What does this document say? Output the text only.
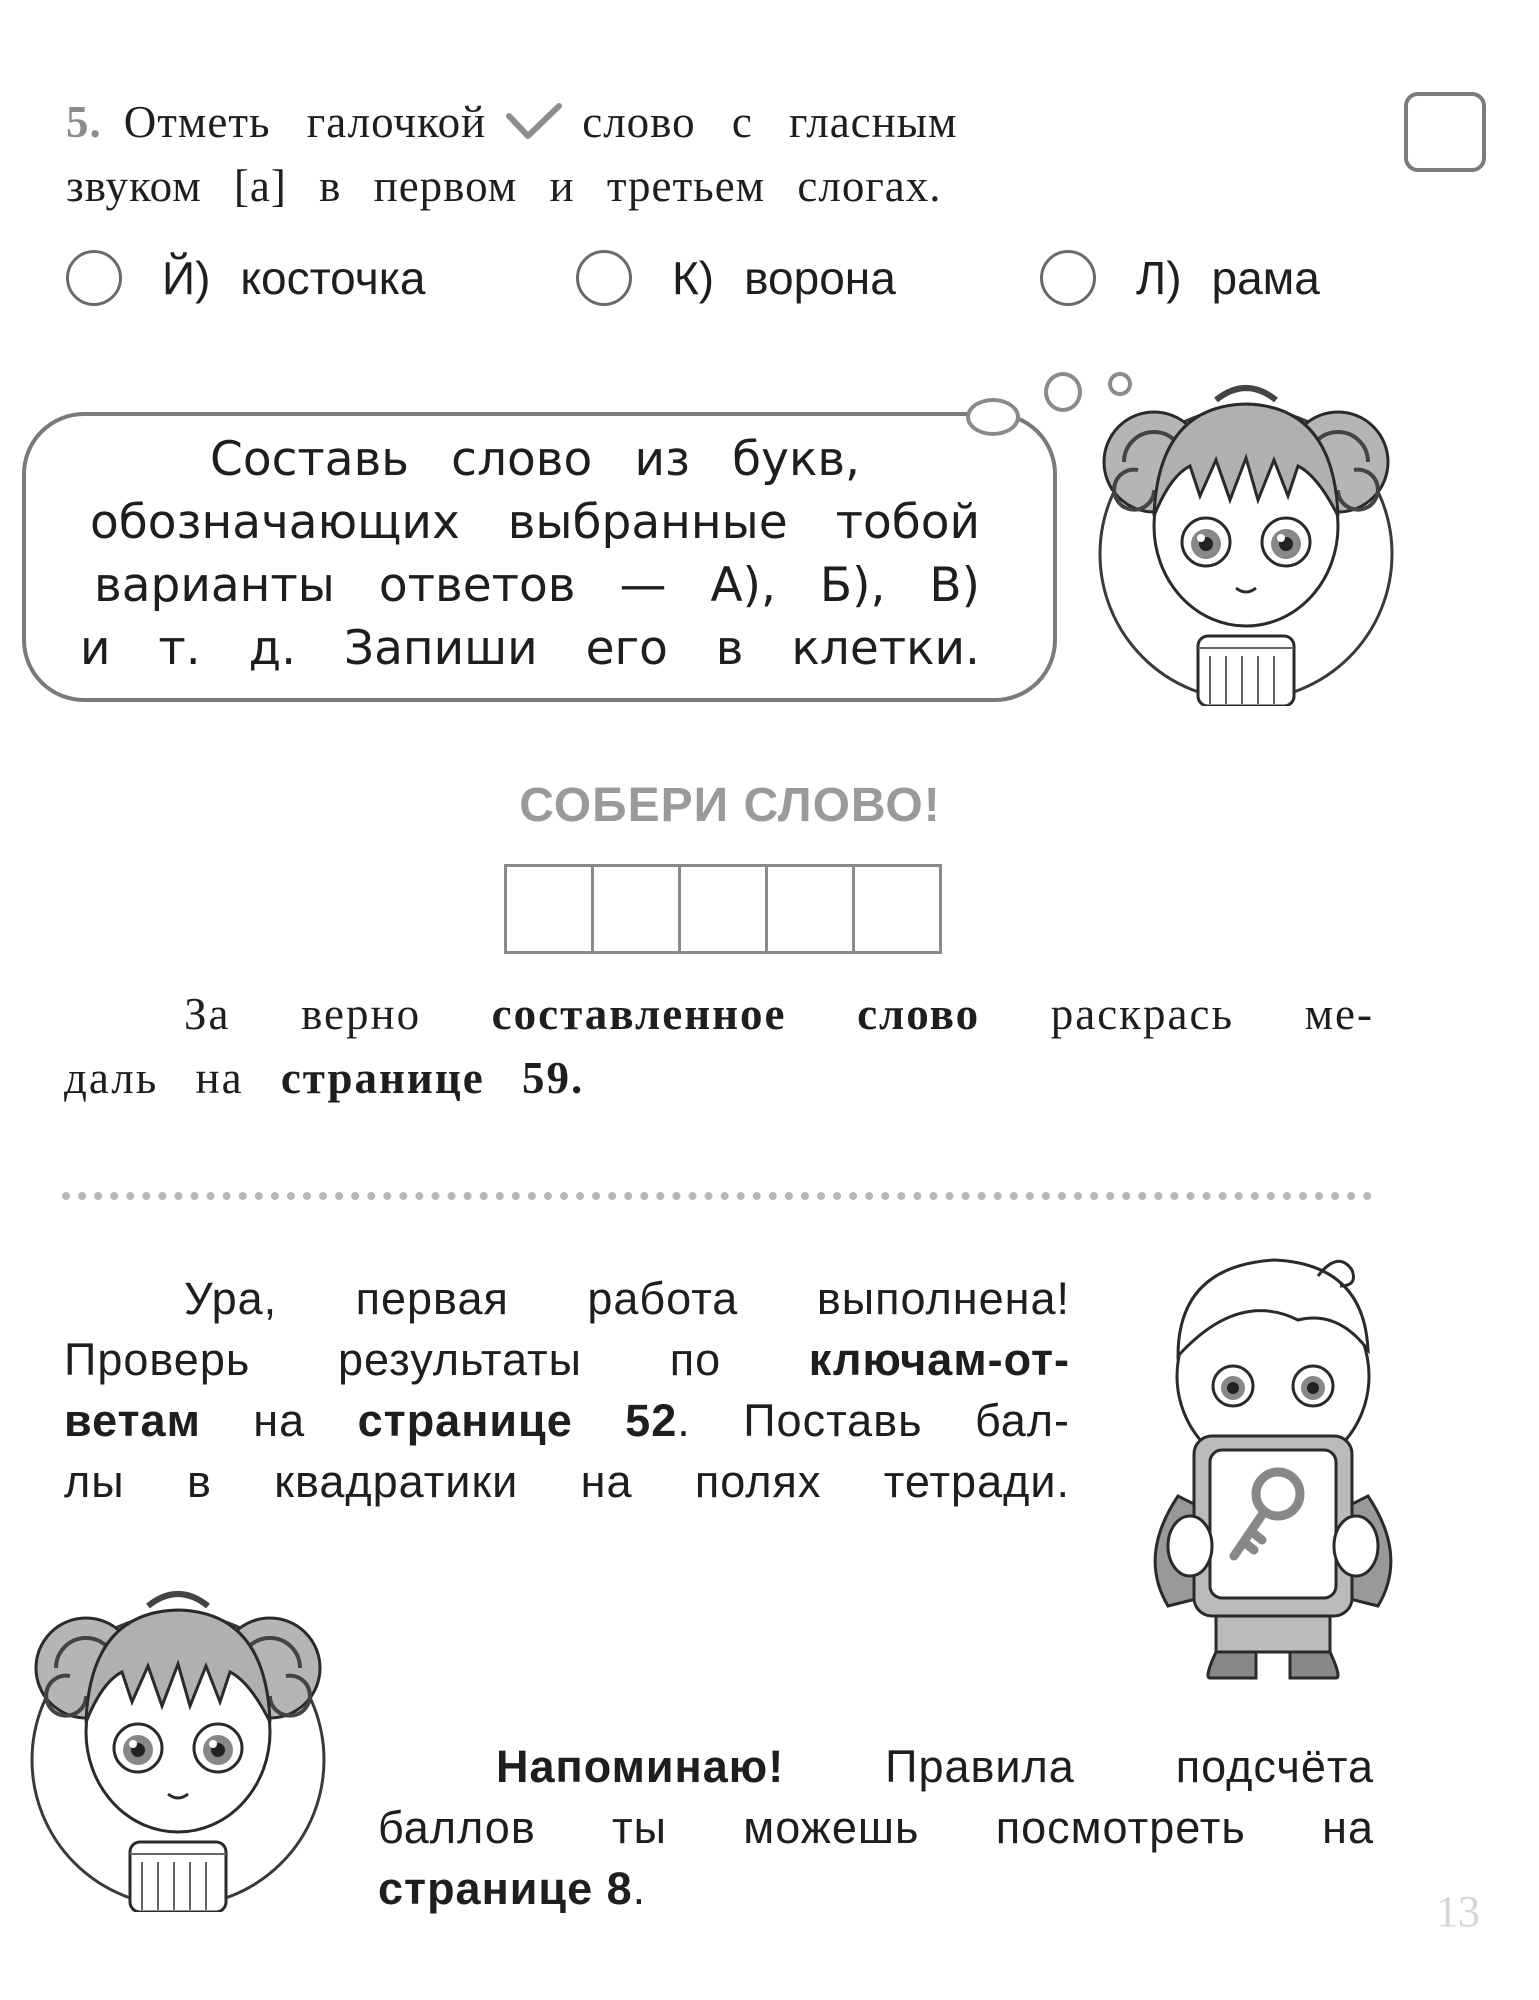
5. Отметь галочкой слово с гласным
звуком [а] в первом и третьем слогах.
Й) косточка	К) ворона	Л) рама
Составь слово из букв,
обозначающих выбранные тобой
варианты ответов — А), Б), В)
и т. д. Запиши его в клетки.
СОБЕРИ СЛОВО!
За верно составленное слово раскрась ме-
даль на странице 59.
Ура, первая работа выполнена!
Проверь результаты по ключам-от-
ветам на странице 52. Поставь бал-
лы в квадратики на полях тетради.
Напоминаю! Правила подсчёта
баллов ты можешь посмотреть на
странице 8.	13
